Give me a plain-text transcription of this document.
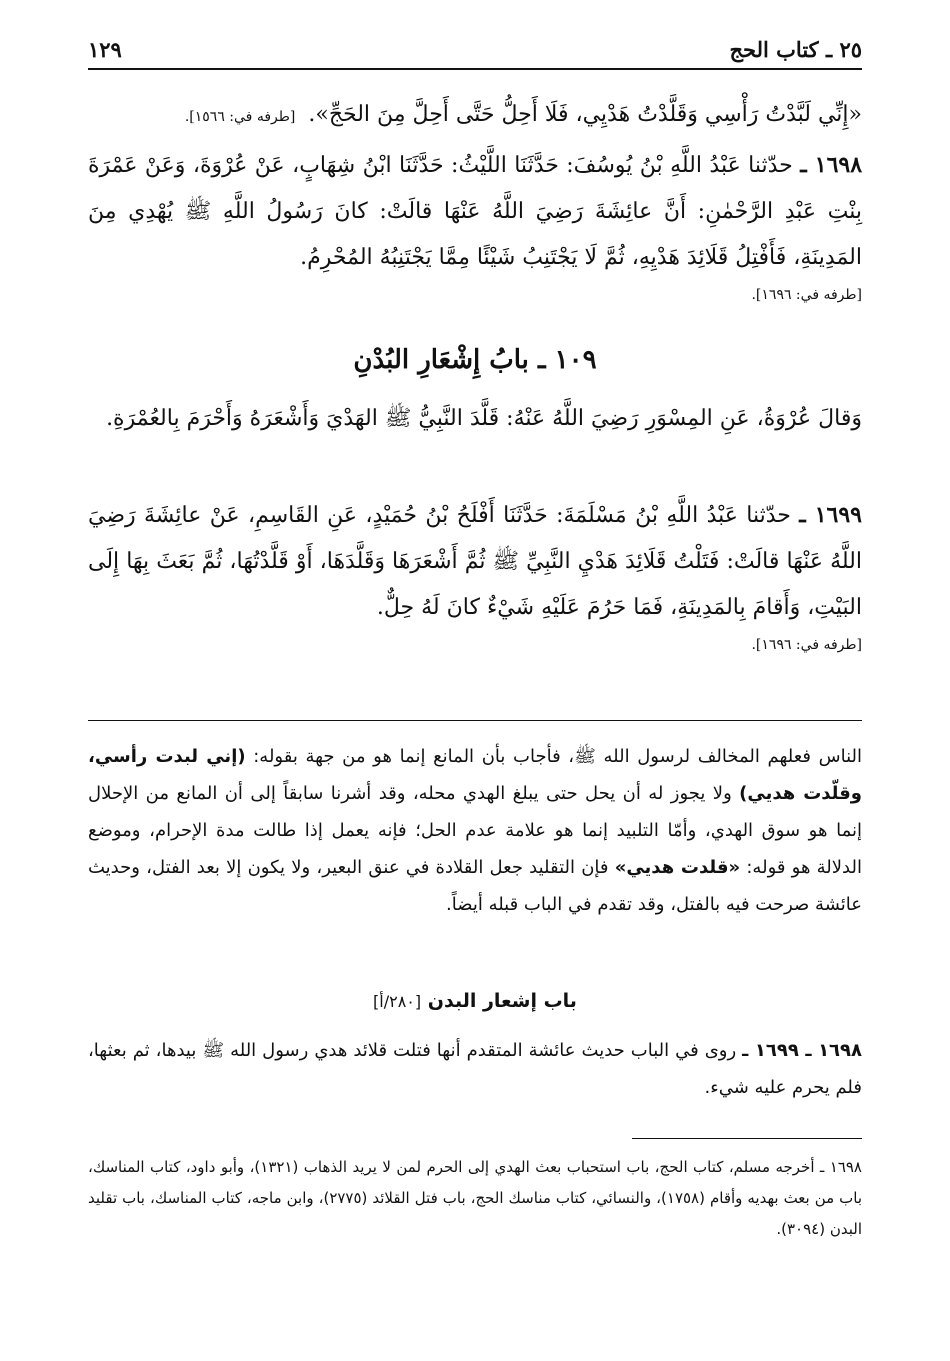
٢٥ ـ كتاب الحج
١٢٩
«إِنِّي لَبَّدْتُ رَأْسِي وَقَلَّدْتُ هَدْيِي، فَلَا أَحِلُّ حَتَّى أَحِلَّ مِنَ الحَجِّ». [طرفه في: ١٥٦٦].
١٦٩٨ ـ حدّثنا عَبْدُ اللَّهِ بْنُ يُوسُفَ: حَدَّثَنَا اللَّيْثُ: حَدَّثَنَا ابْنُ شِهَابٍ، عَنْ عُرْوَةَ، وَعَنْ عَمْرَةَ بِنْتِ عَبْدِ الرَّحْمٰنِ: أَنَّ عائِشَةَ رَضِيَ اللَّهُ عَنْهَا قالَتْ: كانَ رَسُولُ اللَّهِ ﷺ يُهْدِي مِنَ المَدِينَةِ، فَأَفْتِلُ قَلَائِدَ هَدْيِهِ، ثُمَّ لَا يَجْتَنِبُ شَيْئًا مِمَّا يَجْتَنِبُهُ المُحْرِمُ.
[طرفه في: ١٦٩٦].
١٠٩ ـ بابُ إِشْعَارِ البُدْنِ
وَقالَ عُرْوَةُ، عَنِ المِسْوَرِ رَضِيَ اللَّهُ عَنْهُ: قَلَّدَ النَّبِيُّ ﷺ الهَدْيَ وَأَشْعَرَهُ وَأَحْرَمَ بِالعُمْرَةِ.
١٦٩٩ ـ حدّثنا عَبْدُ اللَّهِ بْنُ مَسْلَمَةَ: حَدَّثَنَا أَفْلَحُ بْنُ حُمَيْدٍ، عَنِ القَاسِمِ، عَنْ عائِشَةَ رَضِيَ اللَّهُ عَنْهَا قالَتْ: فَتَلْتُ قَلَائِدَ هَدْيِ النَّبِيِّ ﷺ ثُمَّ أَشْعَرَهَا وَقَلَّدَهَا، أَوْ قَلَّدْتُهَا، ثُمَّ بَعَثَ بِهَا إِلَى البَيْتِ، وَأَقامَ بِالمَدِينَةِ، فَمَا حَرُمَ عَلَيْهِ شَيْءٌ كانَ لَهُ حِلٌّ.
[طرفه في: ١٦٩٦].
الناس فعلهم المخالف لرسول الله ﷺ، فأجاب بأن المانع إنما هو من جهة بقوله: (إني لبدت رأسي، وقلّدت هديي) ولا يجوز له أن يحل حتى يبلغ الهدي محله، وقد أشرنا سابقاً إلى أن المانع من الإحلال إنما هو سوق الهدي، وأمّا التلبيد إنما هو علامة عدم الحل؛ فإنه يعمل إذا طالت مدة الإحرام، وموضع الدلالة هو قوله: «قلدت هديي» فإن التقليد جعل القلادة في عنق البعير، ولا يكون إلا بعد الفتل، وحديث عائشة صرحت فيه بالفتل، وقد تقدم في الباب قبله أيضاً.
باب إشعار البدن [٢٨٠/أ]
١٦٩٨ ـ ١٦٩٩ ـ روى في الباب حديث عائشة المتقدم أنها فتلت قلائد هدي رسول الله ﷺ بيدها، ثم بعثها، فلم يحرم عليه شيء.
١٦٩٨ ـ أخرجه مسلم، كتاب الحج، باب استحباب بعث الهدي إلى الحرم لمن لا يريد الذهاب (١٣٢١)، وأبو داود، كتاب المناسك، باب من بعث بهديه وأقام (١٧٥٨)، والنسائي، كتاب مناسك الحج، باب فتل القلائد (٢٧٧٥)، وابن ماجه، كتاب المناسك، باب تقليد البدن (٣٠٩٤).
